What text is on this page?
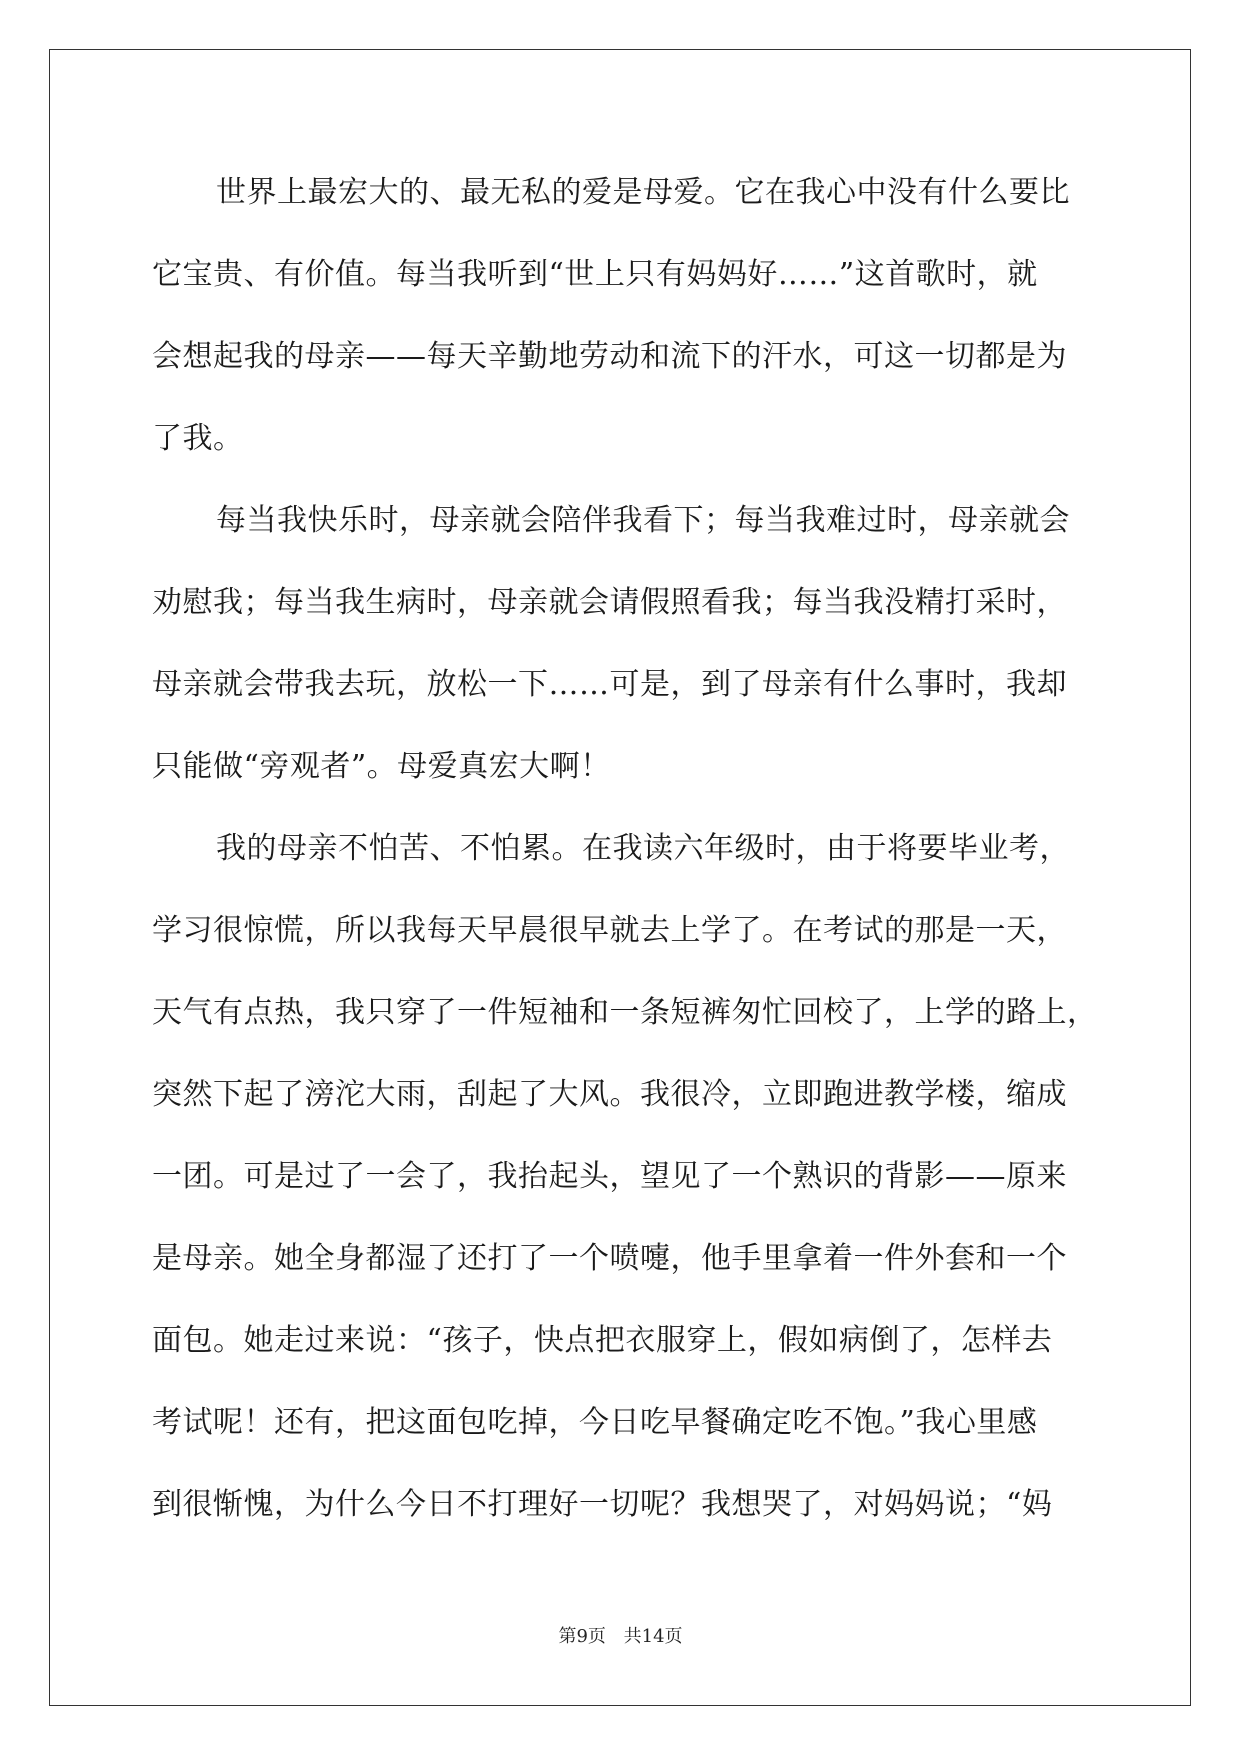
世界上最宏大的、最无私的爱是母爱。它在我心中没有什么要比
它宝贵、有价值。每当我听到“世上只有妈妈好……”这首歌时，就
会想起我的母亲——每天辛勤地劳动和流下的汗水，可这一切都是为
了我。
每当我快乐时，母亲就会陪伴我看下；每当我难过时，母亲就会
劝慰我；每当我生病时，母亲就会请假照看我；每当我没精打采时，
母亲就会带我去玩，放松一下……可是，到了母亲有什么事时，我却
只能做“旁观者”。母爱真宏大啊！
我的母亲不怕苦、不怕累。在我读六年级时，由于将要毕业考，
学习很惊慌，所以我每天早晨很早就去上学了。在考试的那是一天，
天气有点热，我只穿了一件短袖和一条短裤匆忙回校了，上学的路上，
突然下起了滂沱大雨，刮起了大风。我很冷，立即跑进教学楼，缩成
一团。可是过了一会了，我抬起头，望见了一个熟识的背影——原来
是母亲。她全身都湿了还打了一个喷嚏，他手里拿着一件外套和一个
面包。她走过来说：“孩子，快点把衣服穿上，假如病倒了，怎样去
考试呢！还有，把这面包吃掉，今日吃早餐确定吃不饱。”我心里感
到很惭愧，为什么今日不打理好一切呢？我想哭了，对妈妈说；“妈
第9页 共14页
